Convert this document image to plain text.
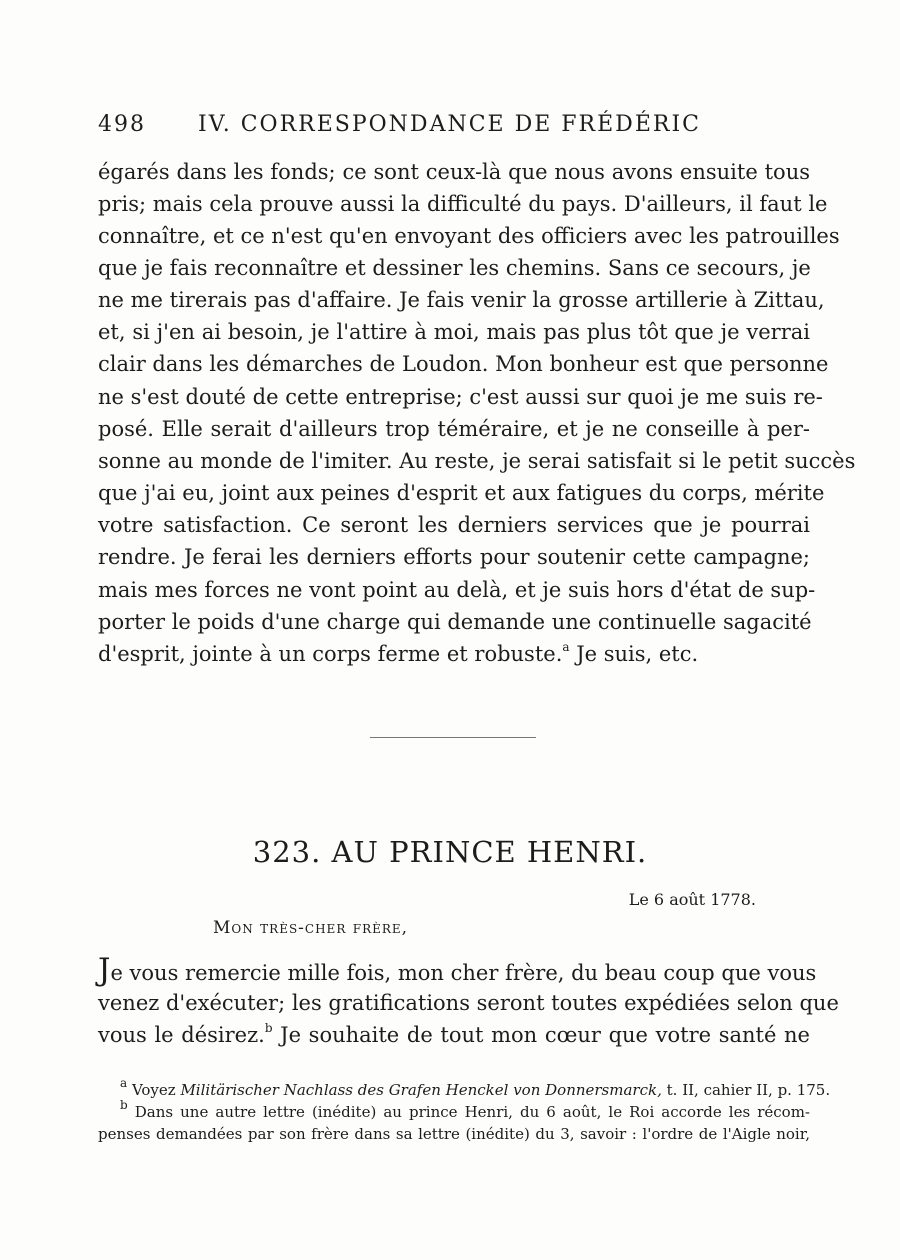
498 IV. CORRESPONDANCE DE FRÉDÉRIC
égarés dans les fonds; ce sont ceux-là que nous avons ensuite tous
pris; mais cela prouve aussi la difficulté du pays. D'ailleurs, il faut le
connaître, et ce n'est qu'en envoyant des officiers avec les patrouilles
que je fais reconnaître et dessiner les chemins. Sans ce secours, je
ne me tirerais pas d'affaire. Je fais venir la grosse artillerie à Zittau,
et, si j'en ai besoin, je l'attire à moi, mais pas plus tôt que je verrai
clair dans les démarches de Loudon. Mon bonheur est que personne
ne s'est douté de cette entreprise; c'est aussi sur quoi je me suis re-
posé. Elle serait d'ailleurs trop téméraire, et je ne conseille à per-
sonne au monde de l'imiter. Au reste, je serai satisfait si le petit succès
que j'ai eu, joint aux peines d'esprit et aux fatigues du corps, mérite
votre satisfaction. Ce seront les derniers services que je pourrai
rendre. Je ferai les derniers efforts pour soutenir cette campagne;
mais mes forces ne vont point au delà, et je suis hors d'état de sup-
porter le poids d'une charge qui demande une continuelle sagacité
d'esprit, jointe à un corps ferme et robuste.$^a$ Je suis, etc.
323. AU PRINCE HENRI.
Le 6 août 1778.
Mon très-cher frère,
Je vous remercie mille fois, mon cher frère, du beau coup que vous
venez d'exécuter; les gratifications seront toutes expédiées selon que
vous le désirez.$^b$ Je souhaite de tout mon cœur que votre santé ne
$^a$ Voyez Militärischer Nachlass des Grafen Henckel von Donnersmarck, t. II, cahier II, p. 175.
$^b$ Dans une autre lettre (inédite) au prince Henri, du 6 août, le Roi accorde les récom-
penses demandées par son frère dans sa lettre (inédite) du 3, savoir : l'ordre de l'Aigle noir,
